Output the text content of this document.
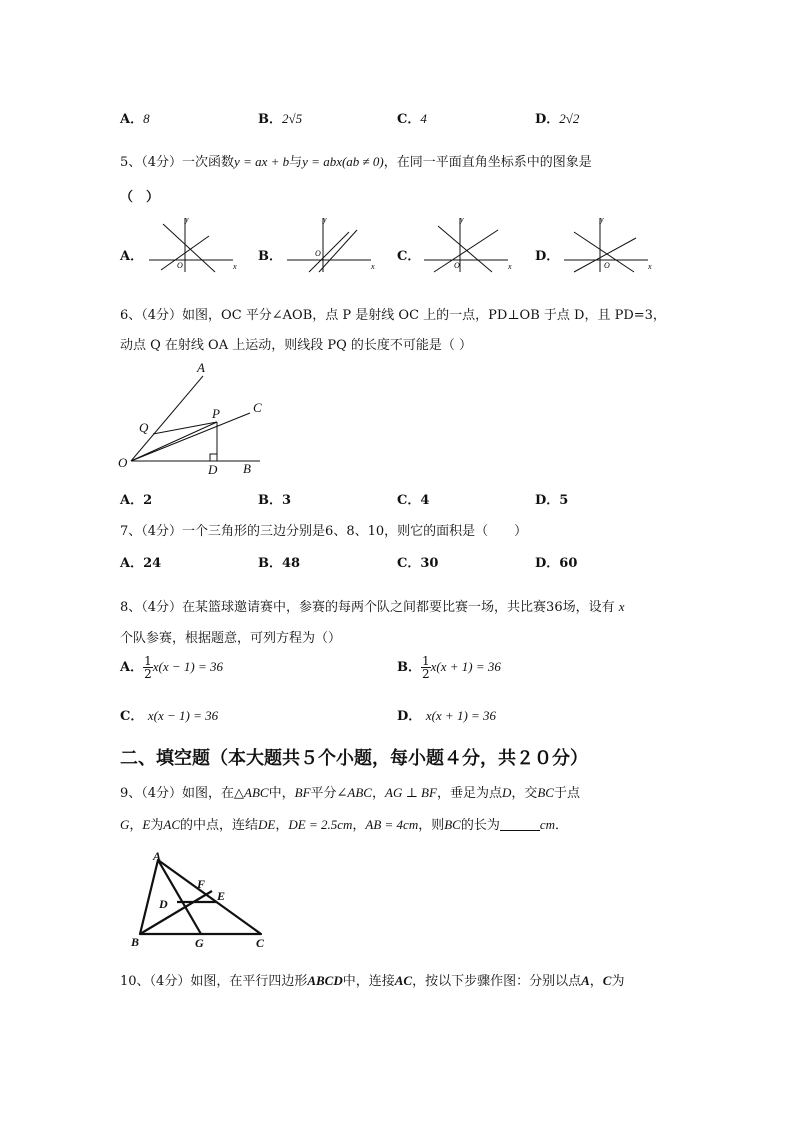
A．8	B．2√5	C．4	D．2√2
5、（4分）一次函数y = ax + b与y = abx(ab ≠ 0)，在同一平面直角坐标系中的图象是
（　）
A．	B．	C．	D．
y
x
O
y
x
O
y
x
O
y
x
O
6、（4分）如图，OC 平分∠AOB，点 P 是射线 OC 上的一点，PD⊥OB 于点 D，且 PD=3，
动点 Q 在射线 OA 上运动，则线段 PQ 的长度不可能是（ ）
A
C
P
Q
O	D B
A．2	B．3	C．4	D．5
7、（4分）一个三角形的三边分别是6、8、10，则它的面积是（　　）
A．24	B．48	C．30	D．60
8、（4分）在某篮球邀请赛中，参赛的每两个队之间都要比赛一场，共比赛36场，设有 x
个队参赛，根据题意，可列方程为（）
A． $\frac{1}{2} x(x - 1) = 36$	B． $\frac{1}{2} x(x + 1) = 36$
C． x(x − 1) = 36	D． x(x + 1) = 36
二、填空题（本大题共５个小题，每小题４分，共２０分）
9、（4分）如图，在△ABC中，BF平分∠ABC，AG ⊥ BF，垂足为点D，交BC于点
G，E为AC的中点，连结DE，DE = 2.5cm，AB = 4cm，则BC的长为	cm．
A
F
E
D
B	G	C
10、（4分）如图，在平行四边形ABCD中，连接AC，按以下步骤作图：分别以点A，C为
